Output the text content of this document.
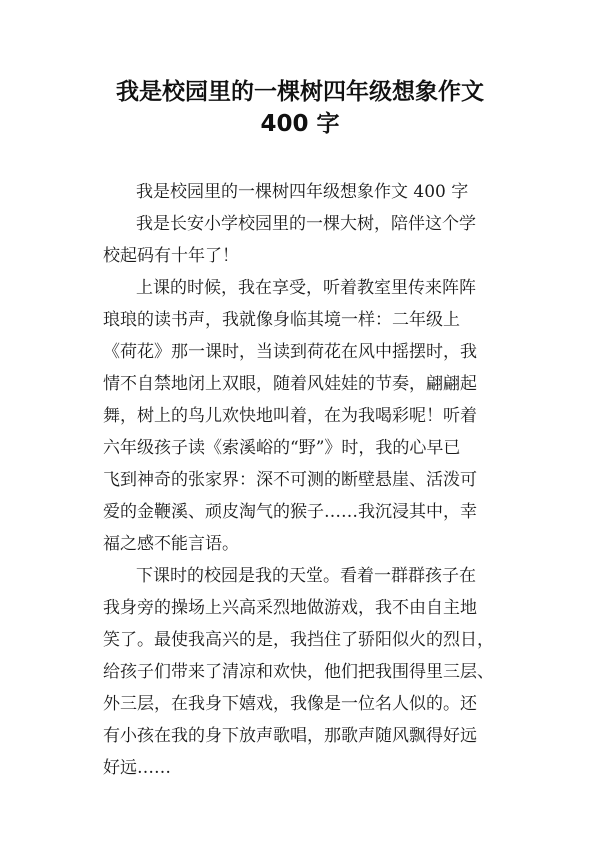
我是校园里的一棵树四年级想象作文
400 字
我是校园里的一棵树四年级想象作文 400 字
我是长安小学校园里的一棵大树，陪伴这个学
校起码有十年了！
上课的时候，我在享受，听着教室里传来阵阵
琅琅的读书声，我就像身临其境一样：二年级上
《荷花》那一课时，当读到荷花在风中摇摆时，我
情不自禁地闭上双眼，随着风娃娃的节奏，翩翩起
舞，树上的鸟儿欢快地叫着，在为我喝彩呢！听着
六年级孩子读《索溪峪的“野”》时，我的心早已
飞到神奇的张家界：深不可测的断壁悬崖、活泼可
爱的金鞭溪、顽皮淘气的猴子……我沉浸其中，幸
福之感不能言语。
下课时的校园是我的天堂。看着一群群孩子在
我身旁的操场上兴高采烈地做游戏，我不由自主地
笑了。最使我高兴的是，我挡住了骄阳似火的烈日，
给孩子们带来了清凉和欢快，他们把我围得里三层、
外三层，在我身下嬉戏，我像是一位名人似的。还
有小孩在我的身下放声歌唱，那歌声随风飘得好远
好远……
